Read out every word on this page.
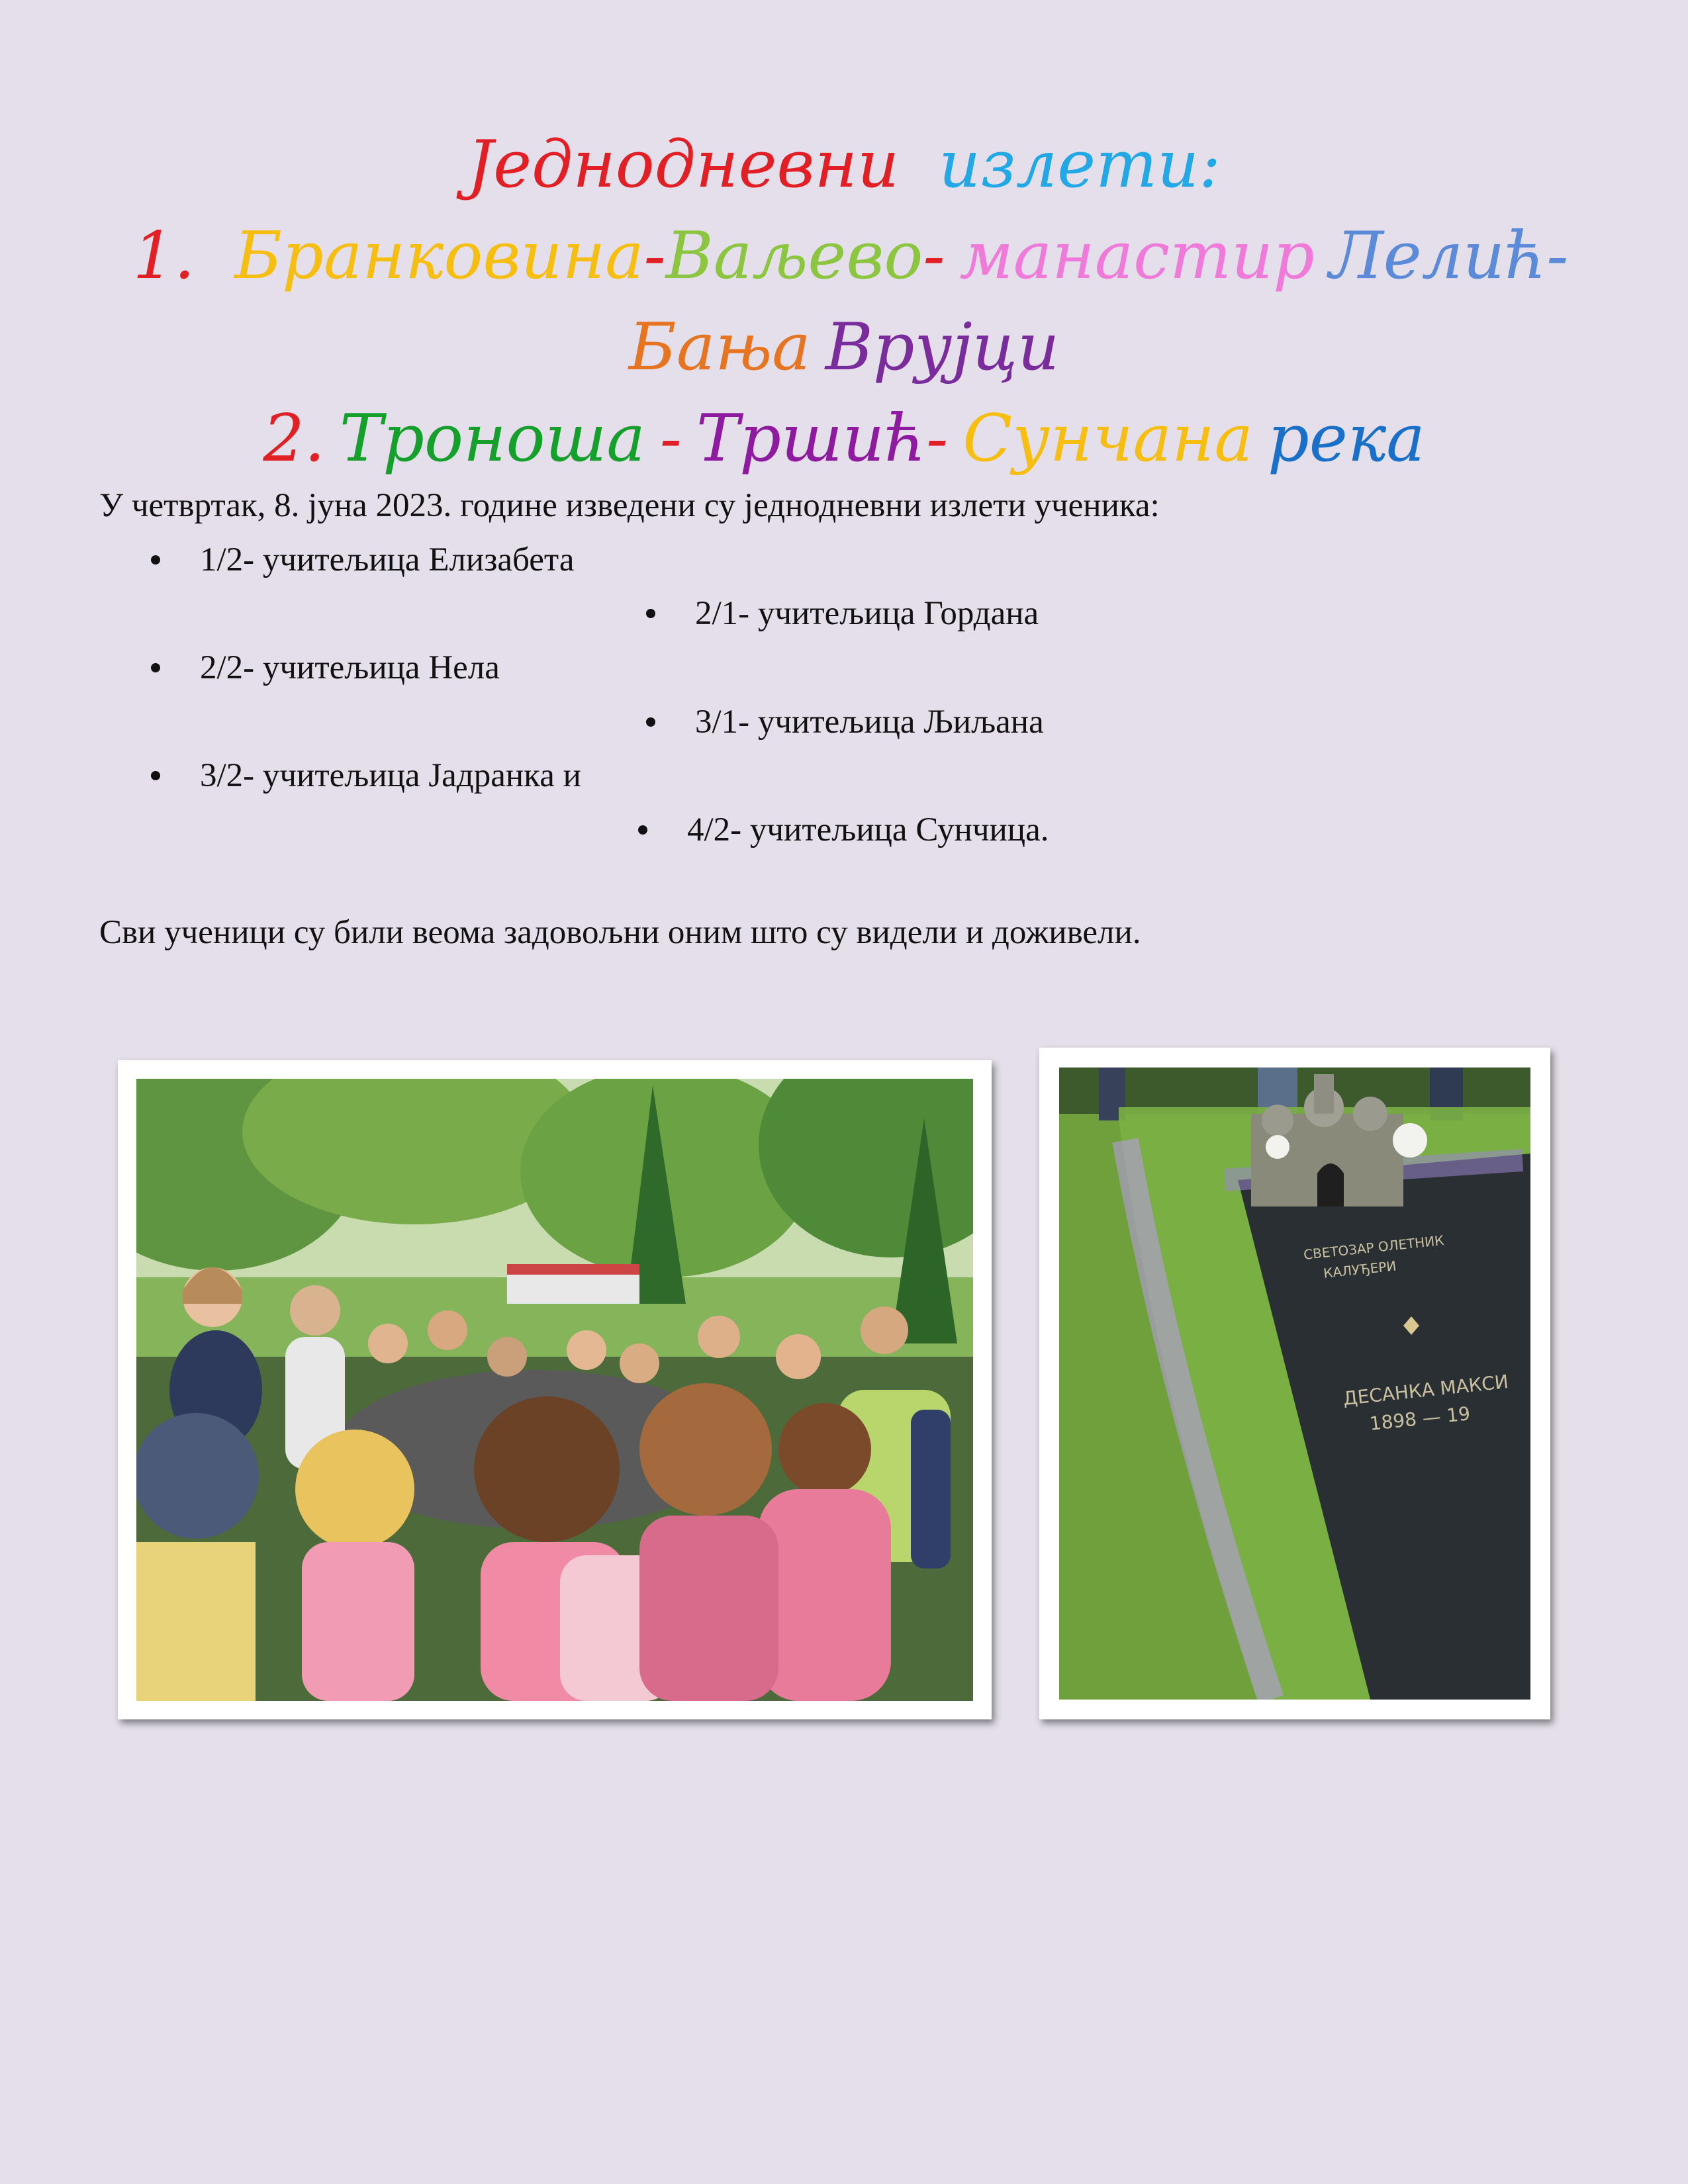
Једнодневни излети:
1. Бранковина-Ваљево- манастир Лелић-
Бања Врујци
2. Троноша - Тршић- Сунчана река
У четвртак, 8. јуна 2023. године изведени су једнодневни излети ученика:
1/2- учитељица Елизабета
2/1- учитељица Гордана
2/2- учитељица Нела
3/1- учитељица Љиљана
3/2- учитељица Јадранка и
4/2- учитељица Сунчица.
Сви ученици су били веома задовољни оним што су видели и доживели.
СВЕТОЗАР ОЛЕТНИК
КАЛУЂЕРИ
ДЕСАНКА МАКСИ
1898 — 19
